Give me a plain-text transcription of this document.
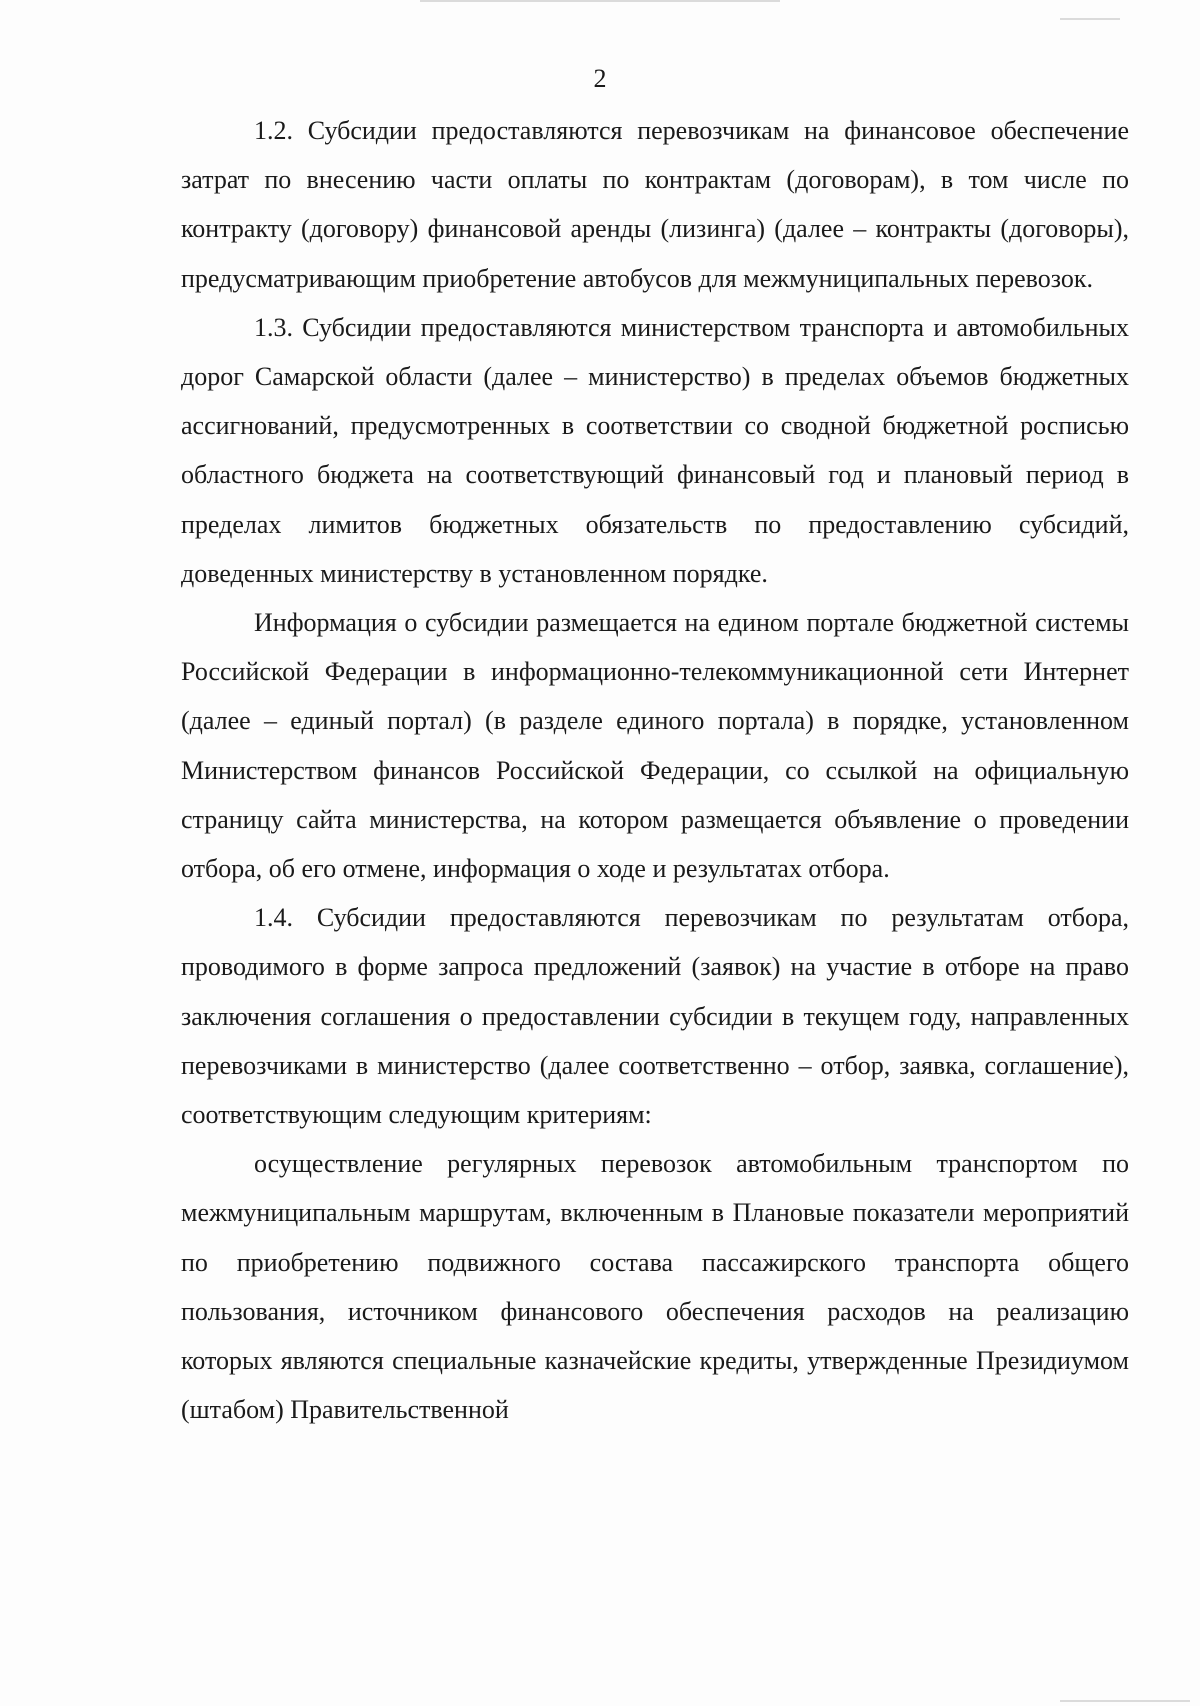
2

1.2. Субсидии предоставляются перевозчикам на финансовое обеспечение затрат по внесению части оплаты по контрактам (договорам), в том числе по контракту (договору) финансовой аренды (лизинга) (далее – контракты (договоры), предусматривающим приобретение автобусов для межмуниципальных перевозок.

1.3. Субсидии предоставляются министерством транспорта и автомобильных дорог Самарской области (далее – министерство) в пределах объемов бюджетных ассигнований, предусмотренных в соответствии со сводной бюджетной росписью областного бюджета на соответствующий финансовый год и плановый период в пределах лимитов бюджетных обязательств по предоставлению субсидий, доведенных министерству в установленном порядке.

Информация о субсидии размещается на едином портале бюджетной системы Российской Федерации в информационно-телекоммуникационной сети Интернет (далее – единый портал) (в разделе единого портала) в порядке, установленном Министерством финансов Российской Федерации, со ссылкой на официальную страницу сайта министерства, на котором размещается объявление о проведении отбора, об его отмене, информация о ходе и результатах отбора.

1.4. Субсидии предоставляются перевозчикам по результатам отбора, проводимого в форме запроса предложений (заявок) на участие в отборе на право заключения соглашения о предоставлении субсидии в текущем году, направленных перевозчиками в министерство (далее соответственно – отбор, заявка, соглашение), соответствующим следующим критериям:

осуществление регулярных перевозок автомобильным транспортом по межмуниципальным маршрутам, включенным в Плановые показатели мероприятий по приобретению подвижного состава пассажирского транспорта общего пользования, источником финансового обеспечения расходов на реализацию которых являются специальные казначейские кредиты, утвержденные Президиумом (штабом) Правительственной
